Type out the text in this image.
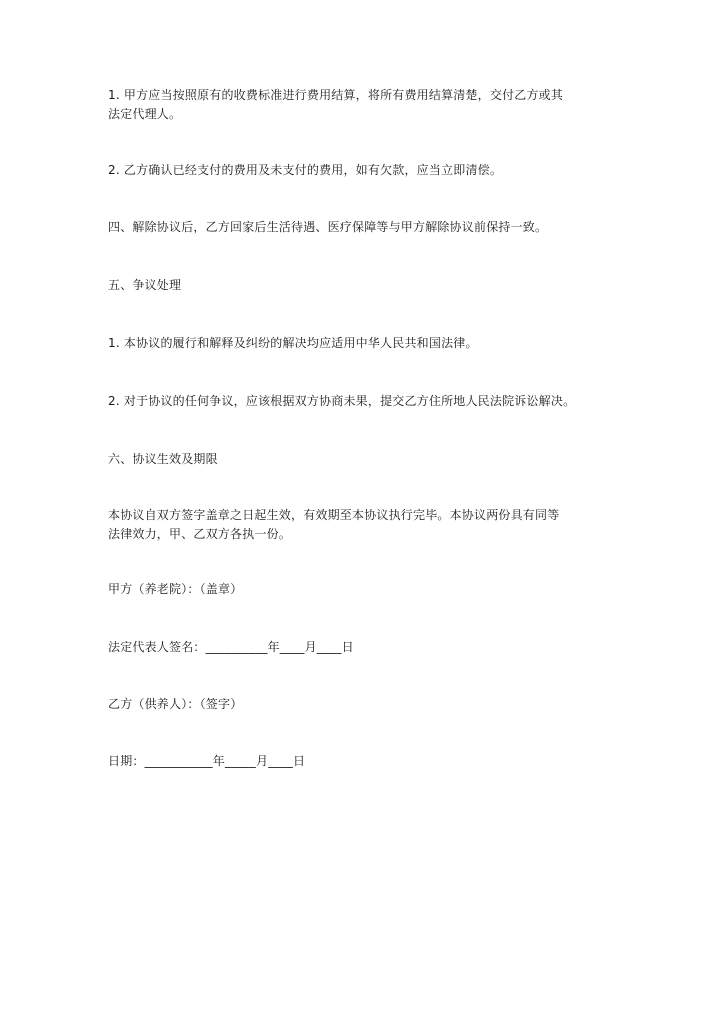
1. 甲方应当按照原有的收费标准进行费用结算，将所有费用结算清楚，交付乙方或其
法定代理人。

2. 乙方确认已经支付的费用及未支付的费用，如有欠款，应当立即清偿。

四、解除协议后，乙方回家后生活待遇、医疗保障等与甲方解除协议前保持一致。

五、争议处理

1. 本协议的履行和解释及纠纷的解决均应适用中华人民共和国法律。

2. 对于协议的任何争议，应该根据双方协商未果，提交乙方住所地人民法院诉讼解决。

六、协议生效及期限

本协议自双方签字盖章之日起生效，有效期至本协议执行完毕。本协议两份具有同等
法律效力，甲、乙双方各执一份。

甲方（养老院）：（盖章）

法定代表人签名：__________年____月____日

乙方（供养人）：（签字）

日期：___________年_____月____日
